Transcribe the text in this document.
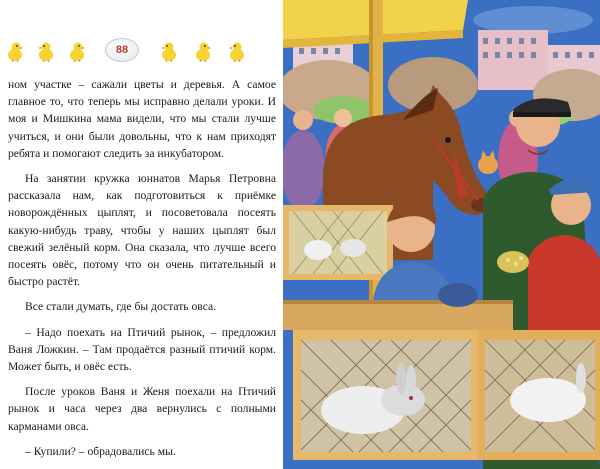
88

ном участке – сажали цветы и деревья. А самое главное то, что теперь мы исправно делали уроки. И моя и Мишкина мама видели, что мы стали лучше учиться, и они были довольны, что к нам приходят ребята и помогают следить за инкубатором.

На занятии кружка юннатов Марья Петровна рассказала нам, как подготовиться к приёмке новорождённых цыплят, и посоветовала посеять какую-нибудь траву, чтобы у наших цыплят был свежий зелёный корм. Она сказала, что лучше всего посеять овёс, потому что он очень питательный и быстро растёт.

Все стали думать, где бы достать овса.

– Надо поехать на Птичий рынок, – предложил Ваня Ложкин. – Там продаётся разный птичий корм. Может быть, и овёс есть.

После уроков Ваня и Женя поехали на Птичий рынок и часа через два вернулись с полными карманами овса.

– Купили? – обрадовались мы.
